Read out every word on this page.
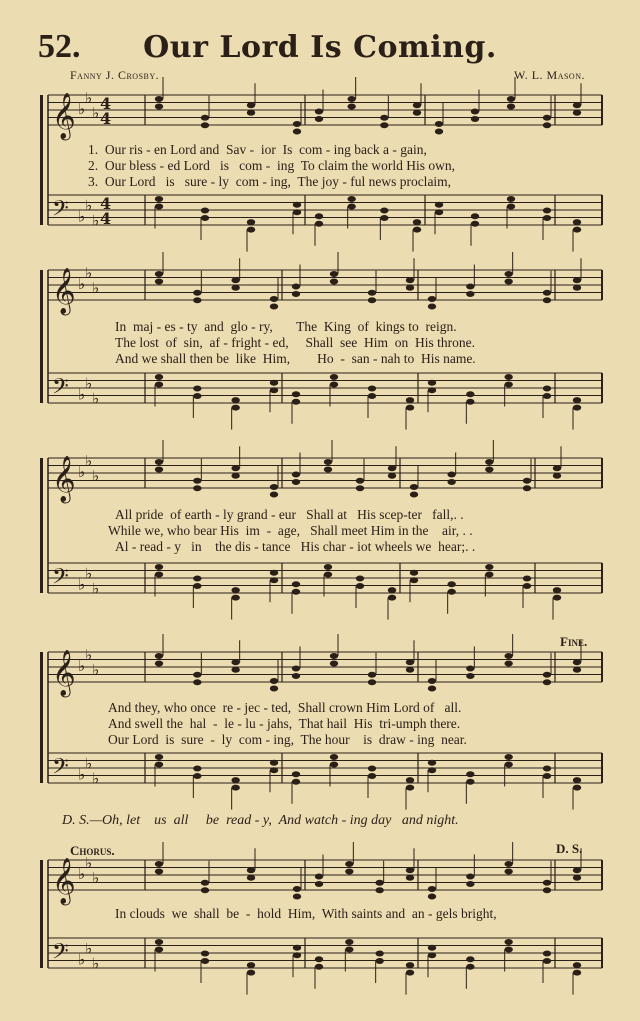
52.	Our Lord Is Coming.
Fanny J. Crosby.	W. L. Mason.
𝄞 ♭
♭
♭
𝄢 ♭
♭
♭
𝄞 ♭
♭
♭
𝄢 ♭
♭
♭
𝄞 ♭
♭
♭
𝄢 ♭
♭
♭
𝄞 ♭
♭
♭
𝄢 ♭
♭
♭
𝄞 ♭
♭
♭
𝄢 ♭
♭
♭
4
4
4
4
1.  Our ris - en Lord and  Sav -  ior  Is  com - ing back a - gain,
2.  Our bless - ed Lord   is   com -  ing  To claim the world His own,
3.  Our Lord   is   sure - ly  com - ing,  The joy - ful news proclaim,
In  maj - es - ty  and  glo - ry,       The  King  of  kings to  reign.
The lost  of  sin,  af - fright - ed,     Shall  see  Him  on  His throne.
And we shall then be  like  Him,        Ho  -  san - nah to  His name.
All pride  of earth - ly grand - eur   Shall at   His scep-ter   fall,. .
While we, who bear His  im  -  age,   Shall meet Him in the    air, . .
Al - read - y   in    the dis - tance   His char - iot wheels we  hear;. .
Fine.
And they, who once  re - jec - ted,  Shall crown Him Lord of   all.
And swell the  hal  -  le - lu - jahs,  That hail  His  tri-umph there.
Our Lord  is  sure  -  ly  com - ing,  The hour    is  draw - ing  near.
D. S.—Oh, let    us  all     be  read - y,  And watch - ing day   and night.
Chorus.	D. S.
In clouds  we  shall  be  -  hold  Him,  With saints and  an - gels bright,
